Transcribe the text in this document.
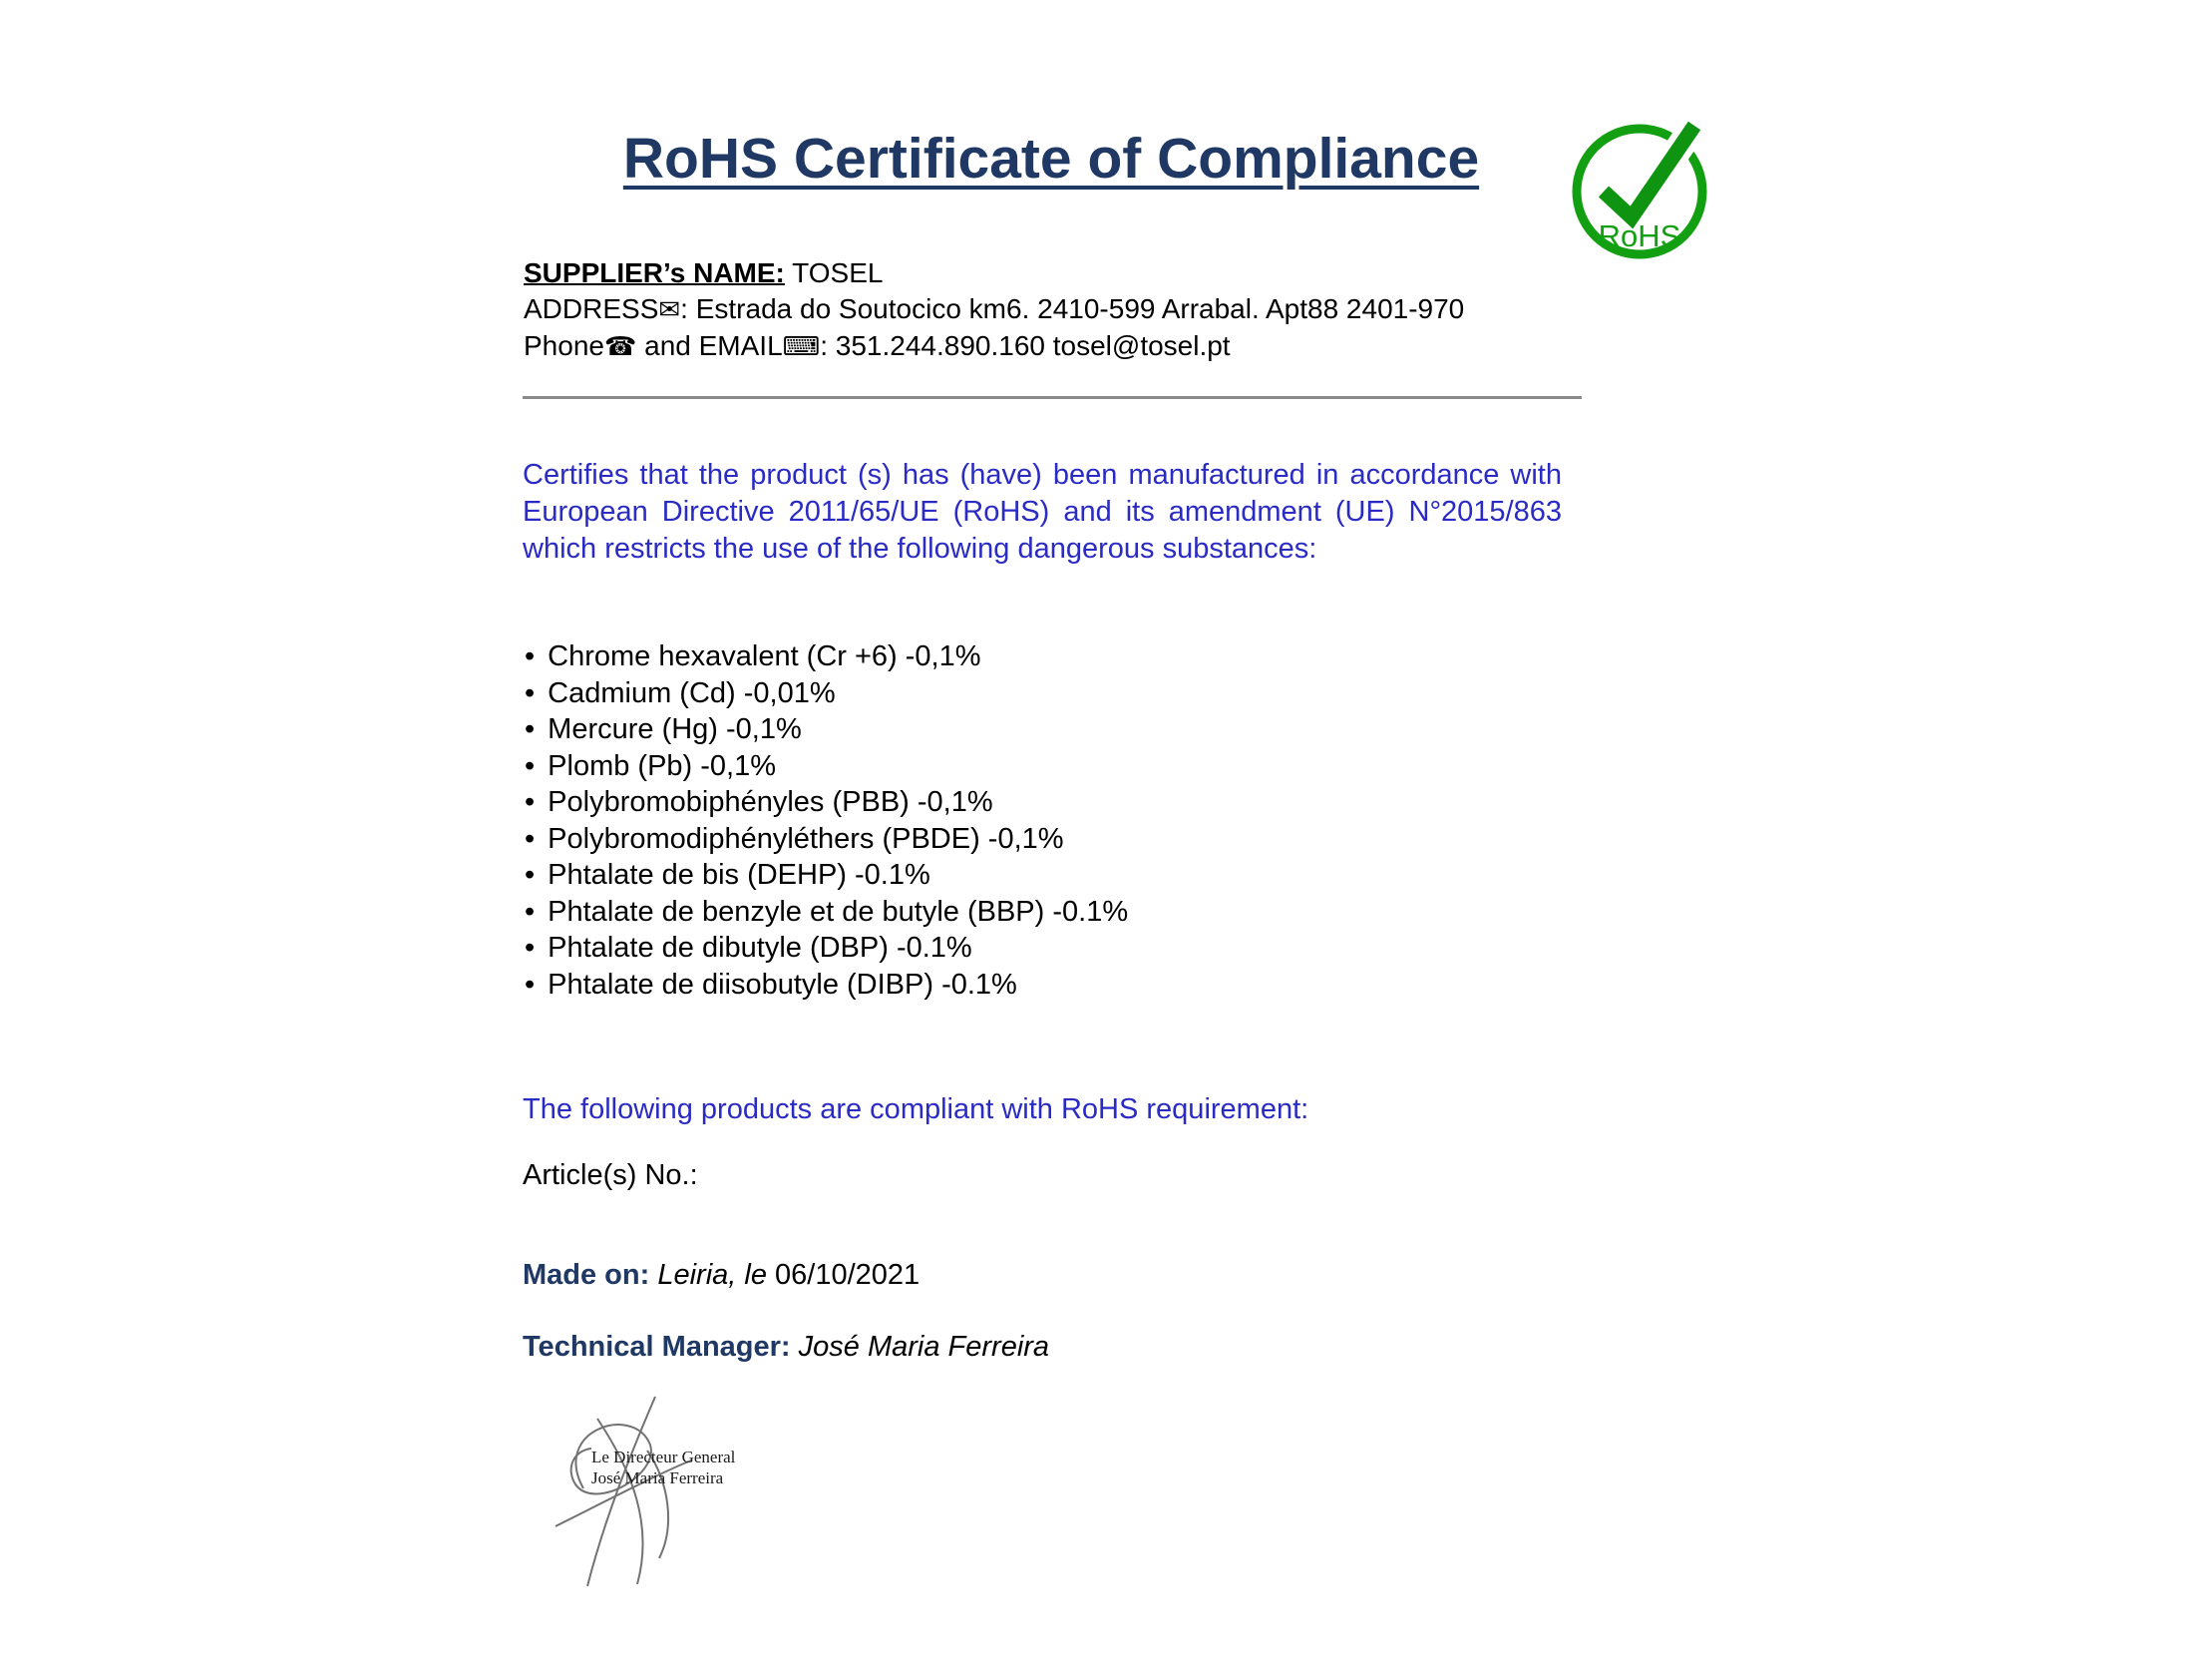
RoHS Certificate of Compliance
RoHS

SUPPLIER’s NAME: TOSEL

ADDRESS✉: Estrada do Soutocico km6. 2410-599 Arrabal. Apt88 2401-970

Phone☎ and EMAIL⌨: 351.244.890.160 tosel@tosel.pt

Certifies that the product (s) has (have) been manufactured in accordance with European Directive 2011/65/UE (RoHS) and its amendment (UE) N°2015/863 which restricts the use of the following dangerous substances:

• Chrome hexavalent (Cr +6) -0,1%
• Cadmium (Cd) -0,01%
• Mercure (Hg) -0,1%
• Plomb (Pb) -0,1%
• Polybromobiphényles (PBB) -0,1%
• Polybromodiphényléthers (PBDE) -0,1%
• Phtalate de bis (DEHP) -0.1%
• Phtalate de benzyle et de butyle (BBP) -0.1%
• Phtalate de dibutyle (DBP) -0.1%
• Phtalate de diisobutyle (DIBP) -0.1%

The following products are compliant with RoHS requirement:

Article(s) No.:

Made on: Leiria, le 06/10/2021

Technical Manager: José Maria Ferreira

Le Directeur General
José Maria Ferreira
